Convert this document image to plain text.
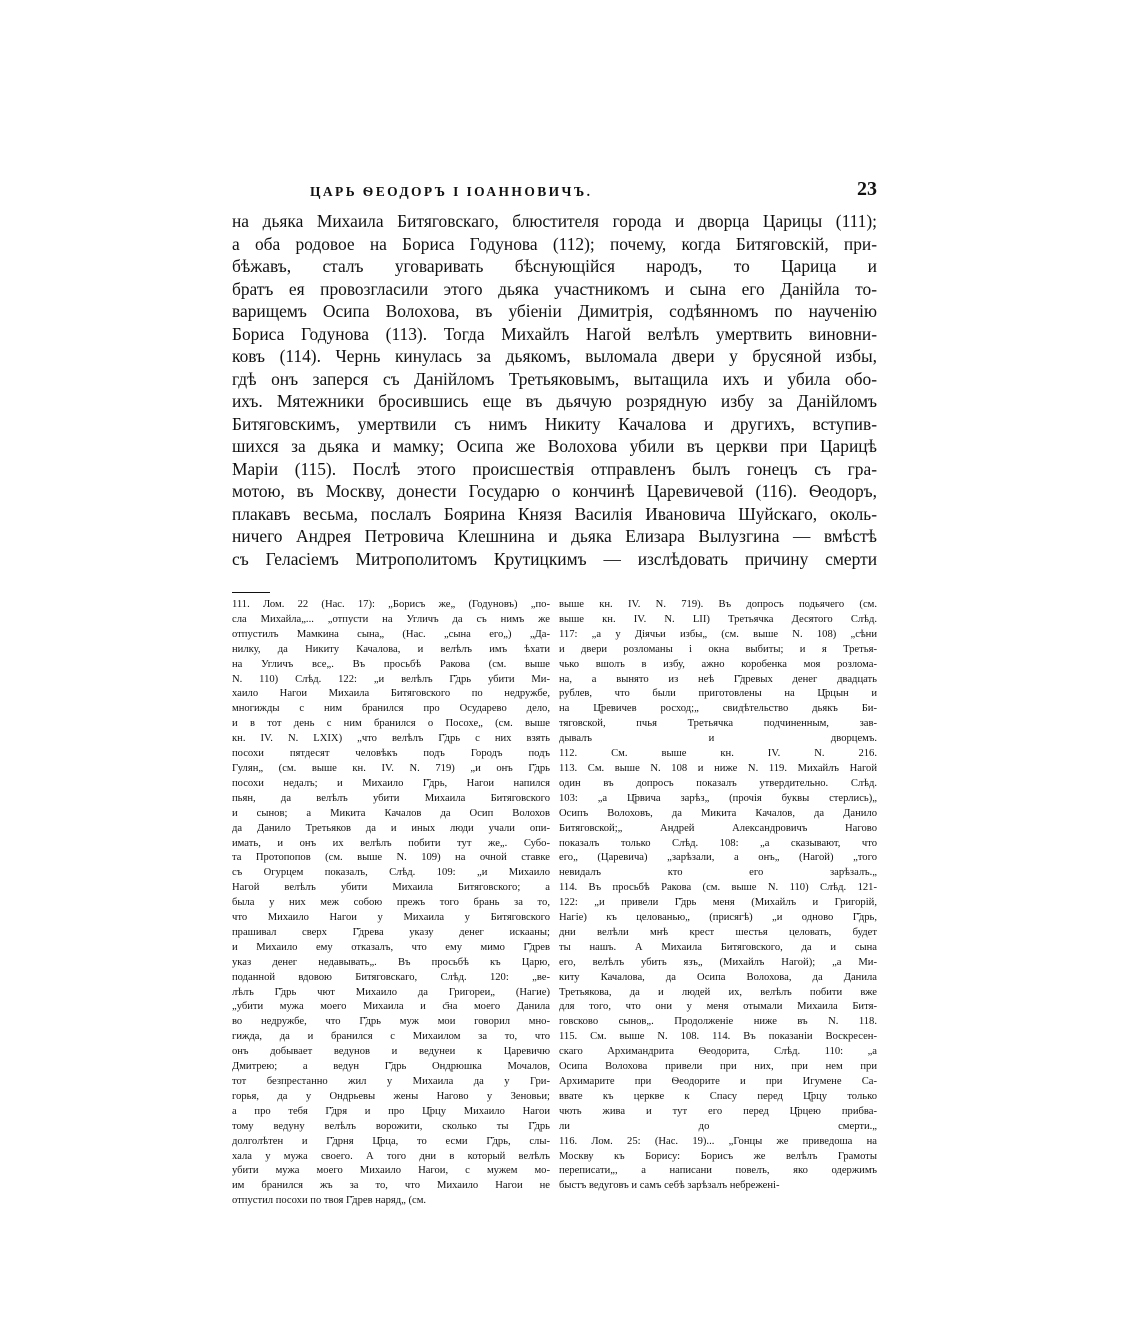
ЦАРЬ ѲЕОДОРЪ I IОАННОВИЧЪ.	23
на дьяка Михаила Битяговскаго, блюстителя города и дворца Царицы (111);
а оба родовое на Бориса Годунова (112); почему, когда Битяговскій, при-
бѣжавъ, сталъ уговаривать бѣснующійся народъ, то Царица и
братъ ея провозгласили этого дьяка участникомъ и сына его Данійла то-
варищемъ Осипа Волохова, въ убіеніи Димитрія, содѣянномъ по наученію
Бориса Годунова (113). Тогда Михайлъ Нагой велѣлъ умертвить виновни-
ковъ (114). Чернь кинулась за дьякомъ, выломала двери у брусяной избы,
гдѣ онъ заперся съ Данійломъ Третьяковымъ, вытащила ихъ и убила обо-
ихъ. Мятежники бросившись еще въ дьячую розрядную избу за Данійломъ
Битяговскимъ, умертвили съ нимъ Никиту Качалова и другихъ, вступив-
шихся за дьяка и мамку; Осипа же Волохова убили въ церкви при Царицѣ
Маріи (115). Послѣ этого происшествія отправленъ былъ гонецъ съ гра-
мотою, въ Москву, донести Государю о кончинѣ Царевичевой (116). Ѳеодоръ,
плакавъ весьма, послалъ Боярина Князя Василія Ивановича Шуйскаго, околь-
ничего Андрея Петровича Клешнина и дьяка Елизара Вылузгина — вмѣстѣ
съ Геласіемъ Митрополитомъ Крутицкимъ — изслѣдовать причину смерти
111. Лом. 22 (Нас. 17): „Борисъ же„ (Годуновъ) „по-
сла Михайла„... „отпусти на Угличъ да съ нимъ же
отпустилъ Мамкина сына„ (Нас. „сына его„) „Да-
нилку, да Никиту Качалова, и велѣлъ имъ ѣхати
на Угличъ все„. Въ просьбѣ Ракова (см. выше
N. 110) Слѣд. 122: „и велѣлъ Г҃дрь убити Ми-
хаило Нагои Михаила Битяговского по недружбе,
многижды с ним бранился про Осударево дело,
и в тот день с ним бранился о Посохе„ (см. выше
кн. IV. N. LXIX) „что велѣлъ Г҃дрь с них взять
посохи пятдесят человѣкъ подъ Городъ подъ
Гулян„ (см. выше кн. IV. N. 719) „и онъ Г҃дрь
посохи недалъ; и Михаило Г҃дрь, Нагои напился
пьян, да велѣлъ убити Михаила Битяговского
и сынов; а Микита Качалов да Осип Волохов
да Данило Третьяков да и иных люди учали опи-
имать, и онъ их велѣлъ побити тут же„. Субо-
та Протопопов (см. выше N. 109) на очной ставке
съ Огурцем показалъ, Слѣд. 109: „и Михаило
Нагой велѣлъ убити Михаила Битяговского; а
была у них меж собою прежъ того брань за то,
что Михаило Нагои у Михаила у Битяговского
прашивал сверх Г҃древа указу денег искааны;
и Михаило ему отказалъ, что ему мимо Г҃древ
указ денег недавывать„. Въ просьбѣ къ Царю,
поданной вдовою Битяговскаго, Слѣд. 120: „ве-
лѣлъ Г҃дрь чют Михаило да Григореи„ (Нагие)
„убити мужа моего Михаила и с҃на моего Данила
во недружбе, что Г҃дрь муж мои говорил мно-
гижда, да и бранился с Михаилом за то, что
онъ добывает ведунов и ведунеи к Царевичю
Дмитрею; а ведун Г҃дрь Ондрюшка Мочалов,
тот безпрестанно жил у Михаила да у Гри-
горья, да у Ондрьевы жены Нагово у Зеновьи;
а про тебя Г҃дря и про Ц҃рцу Михаило Нагои
тому ведуну велѣлъ ворожити, сколько ты Г҃дрь
долголѣтен и Г҃дрня Ц҃рца, то есми Г҃дрь, слы-
хала у мужа своего. А того дни в который велѣлъ
убити мужа моего Михаило Нагои, с мужем мо-
им бранился жъ за то, что Михаило Нагои не
отпустил посохи по твоя Г҃древ наряд„ (см.
выше кн. IV. N. 719). Въ допросъ подьячего (см.
выше кн. IV. N. LII) Третьячка Десятого Слѣд.
117: „а у Дiячьи избы„ (см. выше N. 108) „сѣни
и двери розломаны і окна выбиты; и я Третья-
чько вшолъ в избу, ажно коробенка моя розлома-
на, а вынято из неѣ Г҃древых денег двадцать
рублев, что были приготовлены на Ц҃рцын и
на Ц҃ревичев росход;„ свидѣтельство дьякъ Би-
тяговской, пчья Третьячка подчиненным, зав-
дывалъ и дворцемъ.
112. См. выше кн. IV. N. 216.
113. См. выше N. 108 и ниже N. 119. Михайлъ Нагой
один въ допросъ показалъ утвердительно. Слѣд.
103: „а Ц҃рвича зарѣз„ (прочія буквы стерлись)„
Осипъ Волоховъ, да Микита Качалов, да Данило
Битяговской;„ Андрей Александровичъ Нагово
показалъ только Слѣд. 108: „а сказывают, что
его„ (Царевича) „зарѣзали, а онъ„ (Нагой) „того
невидалъ кто его зарѣзалъ.„
114. Въ просьбѣ Ракова (см. выше N. 110) Слѣд. 121-
122: „и привели Г҃дрь меня (Михайлъ и Григорій,
Нагіе) къ целованью„ (присягѣ) „и одново Г҃дрь,
дни велѣли мнѣ крест шестья целовать, будет
ты нашъ. А Михаила Битяговского, да и сына
его, велѣлъ убить язъ„ (Михайлъ Нагой); „а Ми-
киту Качалова, да Осипа Волохова, да Данила
Третьякова, да и людей их, велѣлъ побити вже
для того, что они у меня отымали Михаила Битя-
говсково сынов„. Продолженіе ниже въ N. 118.
115. См. выше N. 108. 114. Въ показаніи Воскресен-
скаго Архимандрита Ѳеодорита, Слѣд. 110: „а
Осипа Волохова привели при них, при нем при
Архимарите при Ѳеодорите и при Игумене Са-
ввате къ церкве к Спасу перед Ц҃рцу только
чють жива и тут его перед Ц҃рцею прибва-
ли до смерти.„
116. Лом. 25: (Нас. 19)... „Гонцы же приведоша на
Москву къ Борису: Борисъ же велѣлъ Грамоты
переписати„, а написани повелъ, яко одержимъ
быстъ ведуговъ и самъ себѣ зарѣзалъ небреженi-
